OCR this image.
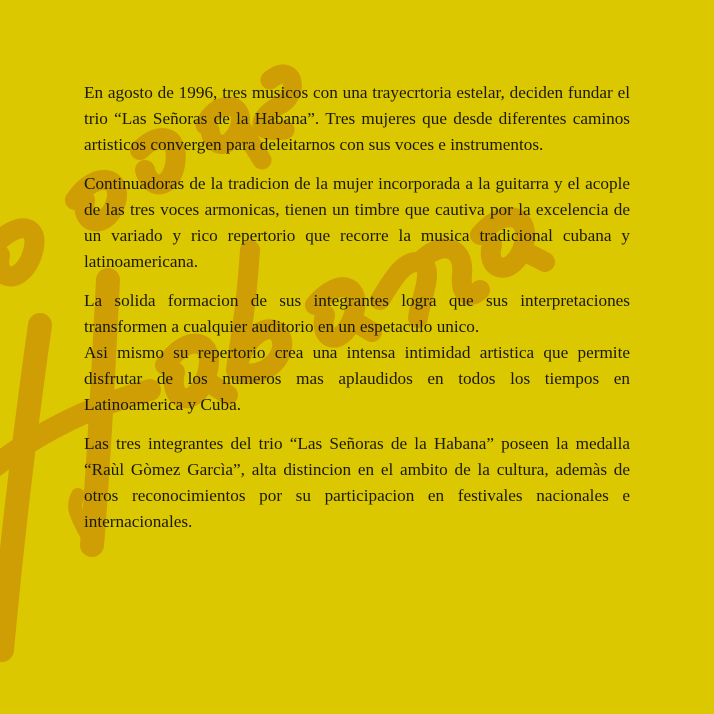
En agosto de 1996, tres musicos con una trayecrtoria estelar, deciden fundar el trio “Las Señoras de la Habana”. Tres mujeres que desde diferentes caminos artisticos convergen para deleitarnos con sus voces e instrumentos.

Continuadoras de la tradicion de la mujer incorporada a la guitarra y el acople de las tres voces armonicas, tienen un timbre que cautiva por la excelencia de un variado y rico repertorio que recorre la musica tradicional cubana y latinoamericana.

La solida formacion de sus integrantes logra que sus interpretaciones transformen a cualquier auditorio en un espetaculo unico.

Asi mismo su repertorio crea una intensa intimidad artistica que permite disfrutar de los numeros mas aplaudidos en todos los tiempos en Latinoamerica y Cuba.

Las tres integrantes del trio “Las Señoras de la Habana” poseen la medalla “Raùl Gòmez Garcìa”, alta distincion en el ambito de la cultura, ademàs de otros reconocimientos por su participacion en festivales nacionales e internacionales.
